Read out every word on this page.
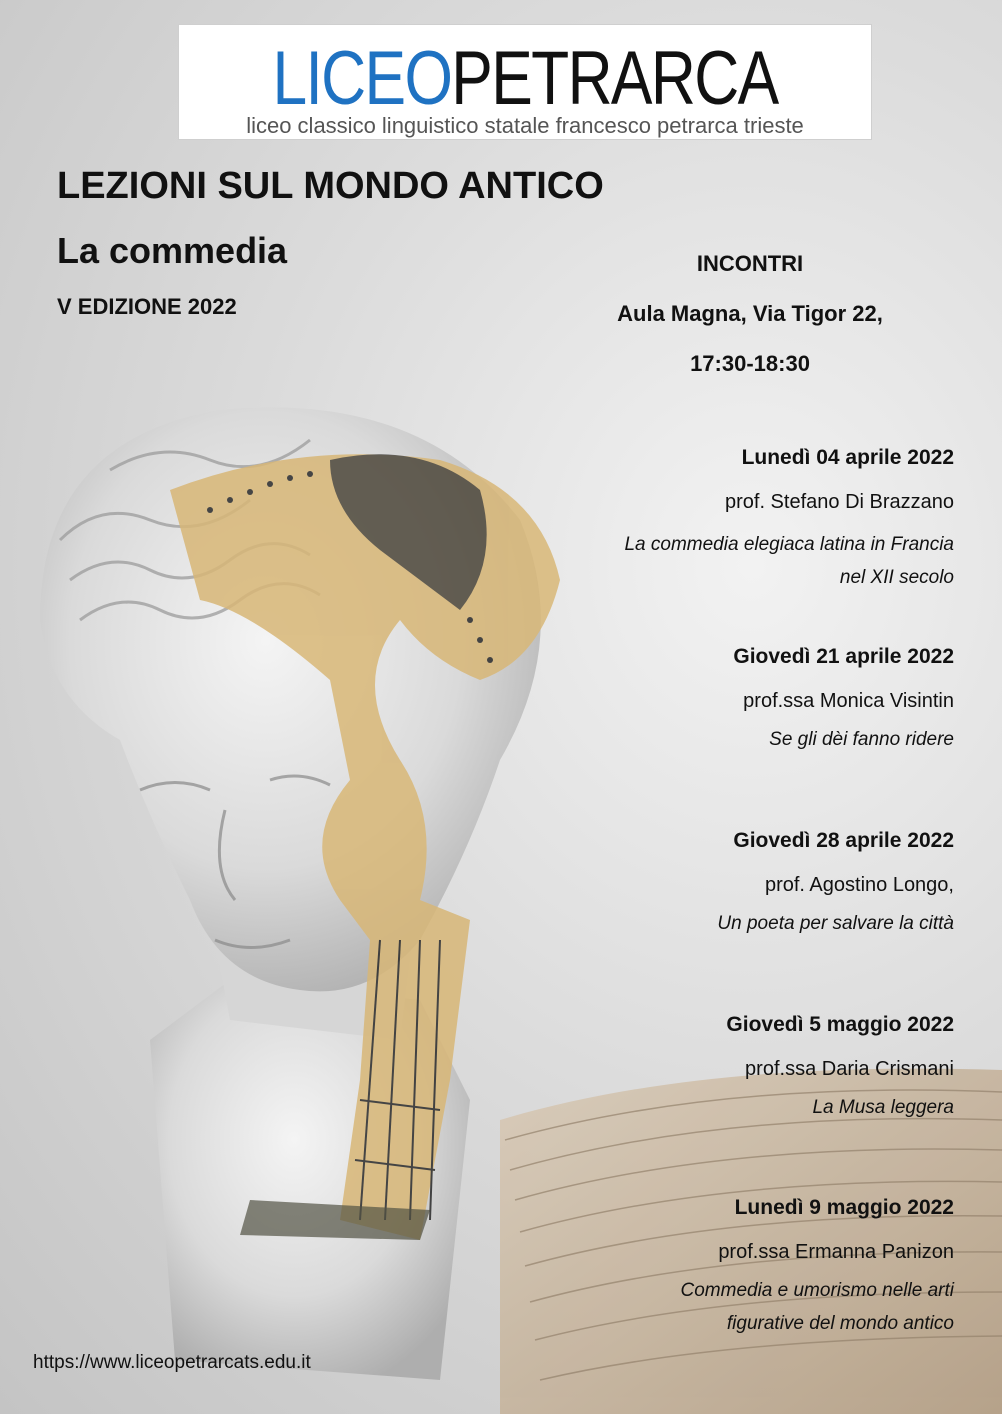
LICEOPETRARCA
liceo classico linguistico statale francesco petrarca trieste
LEZIONI SUL MONDO ANTICO
La commedia
V EDIZIONE 2022
INCONTRI
Aula Magna, Via Tigor 22,
17:30-18:30
Lunedì 04 aprile 2022
prof. Stefano Di Brazzano
La commedia elegiaca latina in Francia
nel XII secolo
Giovedì 21 aprile 2022
prof.ssa Monica Visintin
Se gli dèi fanno ridere
Giovedì 28 aprile 2022
prof. Agostino Longo,
Un poeta per salvare la città
Giovedì 5 maggio 2022
prof.ssa Daria Crismani
La Musa leggera
Lunedì 9 maggio 2022
prof.ssa Ermanna Panizon
Commedia e umorismo nelle arti
figurative del mondo antico
https://www.liceopetrarcats.edu.it
